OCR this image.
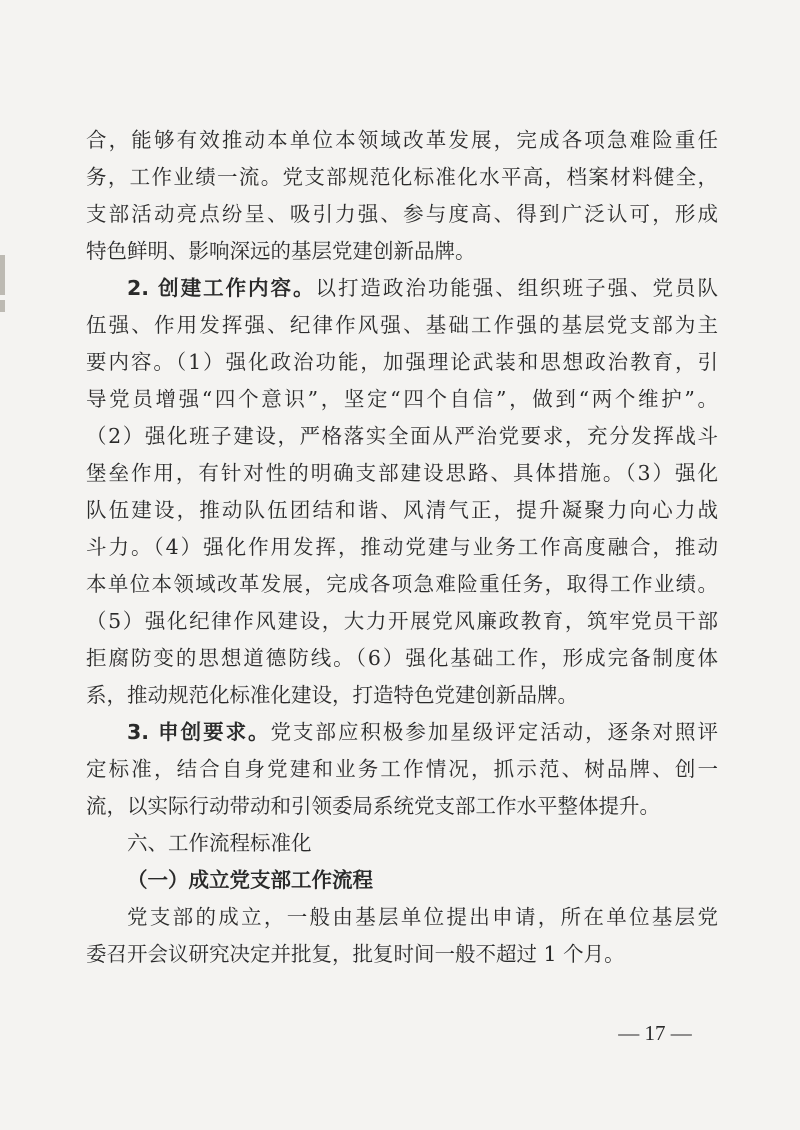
合，能够有效推动本单位本领域改革发展，完成各项急难险重任
务，工作业绩一流。党支部规范化标准化水平高，档案材料健全，
支部活动亮点纷呈、吸引力强、参与度高、得到广泛认可，形成
特色鲜明、影响深远的基层党建创新品牌。
2. 创建工作内容。以打造政治功能强、组织班子强、党员队
伍强、作用发挥强、纪律作风强、基础工作强的基层党支部为主
要内容。（1）强化政治功能，加强理论武装和思想政治教育，引
导党员增强“四个意识”，坚定“四个自信”，做到“两个维护”。
（2）强化班子建设，严格落实全面从严治党要求，充分发挥战斗
堡垒作用，有针对性的明确支部建设思路、具体措施。（3）强化
队伍建设，推动队伍团结和谐、风清气正，提升凝聚力向心力战
斗力。（4）强化作用发挥，推动党建与业务工作高度融合，推动
本单位本领域改革发展，完成各项急难险重任务，取得工作业绩。
（5）强化纪律作风建设，大力开展党风廉政教育，筑牢党员干部
拒腐防变的思想道德防线。（6）强化基础工作，形成完备制度体
系，推动规范化标准化建设，打造特色党建创新品牌。
3. 申创要求。党支部应积极参加星级评定活动，逐条对照评
定标准，结合自身党建和业务工作情况，抓示范、树品牌、创一
流，以实际行动带动和引领委局系统党支部工作水平整体提升。
六、工作流程标准化
（一）成立党支部工作流程
党支部的成立，一般由基层单位提出申请，所在单位基层党
委召开会议研究决定并批复，批复时间一般不超过 1 个月。
— 17 —
